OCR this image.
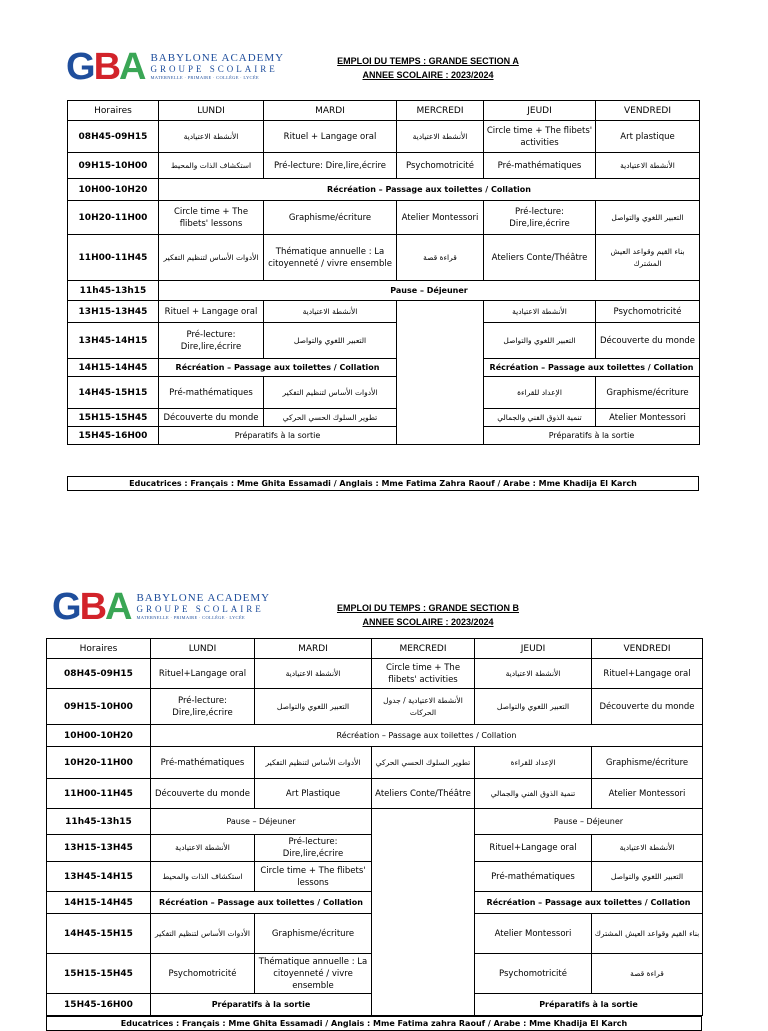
GBA BABYLONE ACADEMY
GROUPE SCOLAIRE
MATERNELLE · PRIMAIRE · COLLÈGE · LYCÉE
EMPLOI DU TEMPS : GRANDE SECTION A
ANNEE SCOLAIRE : 2023/2024
Horaires	LUNDI	MARDI	MERCREDI	JEUDI	VENDREDI
08H45-09H15	الأنشطة الاعتيادية	Rituel + Langage oral	الأنشطة الاعتيادية	Circle time + The flibets' activities	Art plastique
09H15-10H00	استكشاف الذات والمحيط	Pré-lecture: Dire,lire,écrire	Psychomotricité	Pré-mathématiques	الأنشطة الاعتيادية
10H00-10H20	Récréation – Passage aux toilettes / Collation				
10H20-11H00	Circle time + The flibets' lessons	Graphisme/écriture	Atelier Montessori	Pré-lecture: Dire,lire,écrire	التعبير اللغوي والتواصل
11H00-11H45	الأدوات الأساس لتنظيم التفكير	Thématique annuelle : La citoyenneté / vivre ensemble	قراءة قصة	Ateliers Conte/Théâtre	بناء القيم وقواعد العيش المشترك
11h45-13h15	Pause – Déjeuner				
13H15-13H45	Rituel + Langage oral	الأنشطة الاعتيادية		الأنشطة الاعتيادية	Psychomotricité
13H45-14H15	Pré-lecture: Dire,lire,écrire	التعبير اللغوي والتواصل		التعبير اللغوي والتواصل	Découverte du monde
14H15-14H45	Récréation – Passage aux toilettes / Collation			Récréation – Passage aux toilettes / Collation	
14H45-15H15	Pré-mathématiques	الأدوات الأساس لتنظيم التفكير		الإعداد للقراءة	Graphisme/écriture
15H15-15H45	Découverte du monde	تطوير السلوك الحسي الحركي		تنمية الذوق الفني والجمالي	Atelier Montessori
15H45-16H00	Préparatifs à la sortie			Préparatifs à la sortie	
Educatrices : Français : Mme Ghita Essamadi / Anglais : Mme Fatima Zahra Raouf / Arabe : Mme Khadija El Karch
GBA BABYLONE ACADEMY
GROUPE SCOLAIRE
MATERNELLE · PRIMAIRE · COLLÈGE · LYCÉE
EMPLOI DU TEMPS : GRANDE SECTION B
ANNEE SCOLAIRE : 2023/2024
Horaires	LUNDI	MARDI	MERCREDI	JEUDI	VENDREDI
08H45-09H15	Rituel+Langage oral	الأنشطة الاعتيادية	Circle time + The flibets' activities	الأنشطة الاعتيادية	Rituel+Langage oral
09H15-10H00	Pré-lecture: Dire,lire,écrire	التعبير اللغوي والتواصل	الأنشطة الاعتيادية / جدول الحركات	التعبير اللغوي والتواصل	Découverte du monde
10H00-10H20	Récréation – Passage aux toilettes / Collation				
10H20-11H00	Pré-mathématiques	الأدوات الأساس لتنظيم التفكير	تطوير السلوك الحسي الحركي	الإعداد للقراءة	Graphisme/écriture
11H00-11H45	Découverte du monde	Art Plastique	Ateliers Conte/Théâtre	تنمية الذوق الفني والجمالي	Atelier Montessori
11h45-13h15	Pause – Déjeuner			Pause – Déjeuner	
13H15-13H45	الأنشطة الاعتيادية	Pré-lecture: Dire,lire,écrire		Rituel+Langage oral	الأنشطة الاعتيادية
13H45-14H15	استكشاف الذات والمحيط	Circle time + The flibets' lessons		Pré-mathématiques	التعبير اللغوي والتواصل
14H15-14H45	Récréation – Passage aux toilettes / Collation			Récréation – Passage aux toilettes / Collation	
14H45-15H15	الأدوات الأساس لتنظيم التفكير	Graphisme/écriture		Atelier Montessori	بناء القيم وقواعد العيش المشترك
15H15-15H45	Psychomotricité	Thématique annuelle : La citoyenneté / vivre ensemble		Psychomotricité	قراءة قصة
15H45-16H00	Préparatifs à la sortie			Préparatifs à la sortie	
Educatrices : Français : Mme Ghita Essamadi / Anglais : Mme Fatima zahra Raouf / Arabe : Mme Khadija El Karch
